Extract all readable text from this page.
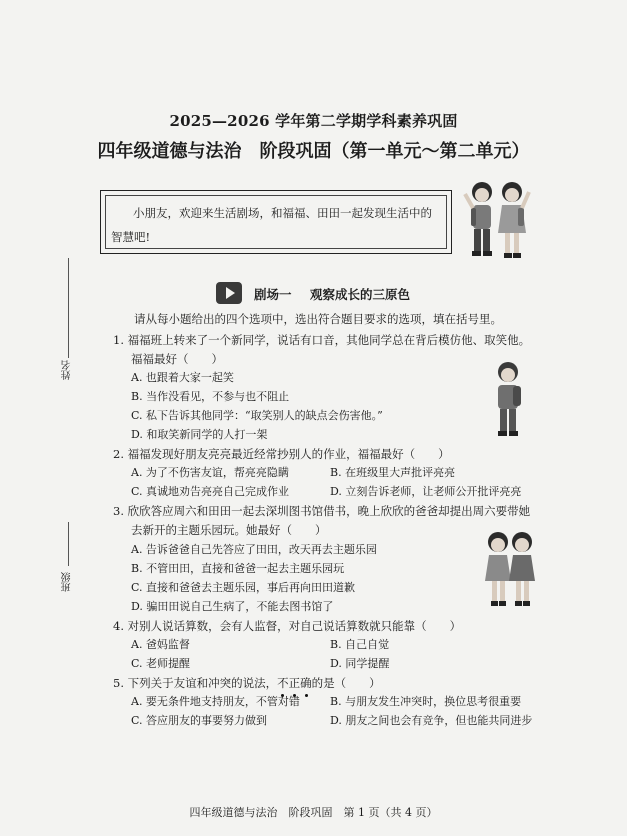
2025—2026 学年第二学期学科素养巩固
四年级道德与法治　阶段巩固（第一单元～第二单元）
小朋友，欢迎来生活剧场，和福福、田田一起发现生活中的智慧吧!
姓名
班级
剧场一 观察成长的三原色
请从每小题给出的四个选项中，选出符合题目要求的选项，填在括号里。
1. 福福班上转来了一个新同学，说话有口音，其他同学总在背后模仿他、取笑他。
福福最好（　　）
A. 也跟着大家一起笑
B. 当作没看见，不参与也不阻止
C. 私下告诉其他同学：“取笑别人的缺点会伤害他。”
D. 和取笑新同学的人打一架
2. 福福发现好朋友亮亮最近经常抄别人的作业，福福最好（　　）
A. 为了不伤害友谊，帮亮亮隐瞒	B. 在班级里大声批评亮亮
C. 真诚地劝告亮亮自己完成作业	D. 立刻告诉老师，让老师公开批评亮亮
3. 欣欣答应周六和田田一起去深圳图书馆借书，晚上欣欣的爸爸却提出周六要带她
去新开的主题乐园玩。她最好（　　）
A. 告诉爸爸自己先答应了田田，改天再去主题乐园
B. 不管田田，直接和爸爸一起去主题乐园玩
C. 直接和爸爸去主题乐园，事后再向田田道歉
D. 骗田田说自己生病了，不能去图书馆了
4. 对别人说话算数，会有人监督，对自己说话算数就只能靠（　　）
A. 爸妈监督	B. 自己自觉
C. 老师提醒	D. 同学提醒
5. 下列关于友谊和冲突的说法，不正确
的是（　　）
A. 要无条件地支持朋友，不管对错	B. 与朋友发生冲突时，换位思考很重要
C. 答应朋友的事要努力做到	D. 朋友之间也会有竞争，但也能共同进步
四年级道德与法治　阶段巩固　第 1 页（共 4 页）
